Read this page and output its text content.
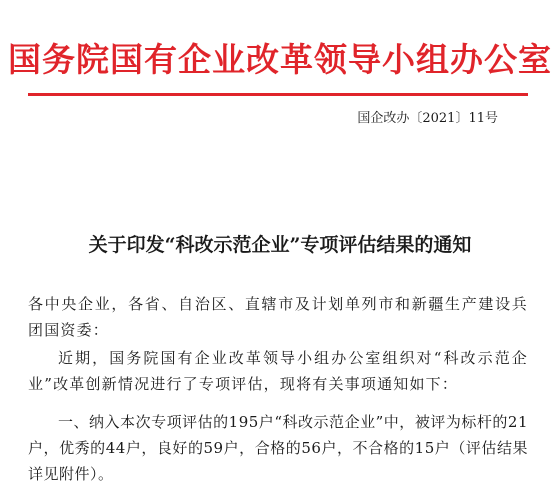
国务院国有企业改革领导小组办公室
国企改办〔2021〕11号
关于印发“科改示范企业”专项评估结果的通知

各中央企业，各省、自治区、直辖市及计划单列市和新疆生产建设兵团国资委：

近期，国务院国有企业改革领导小组办公室组织对“科改示范企业”改革创新情况进行了专项评估，现将有关事项通知如下：

一、纳入本次专项评估的195户“科改示范企业”中，被评为标杆的21户，优秀的44户，良好的59户，合格的56户，不合格的15户（评估结果详见附件）。
